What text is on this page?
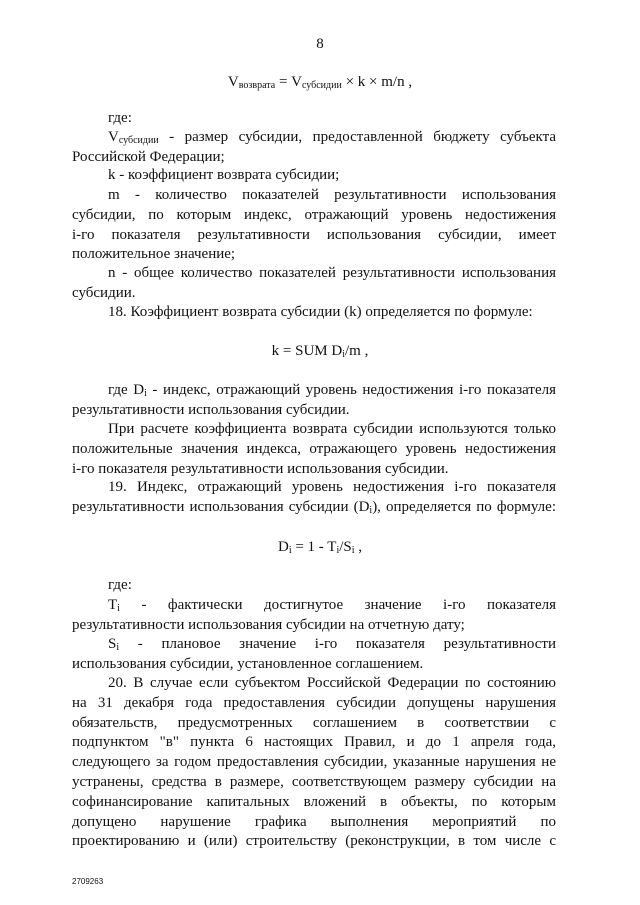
8
$V_{возврата} = V_{субсидии} \times k \times m/n$ ,

где:

$V_{субсидии}$ - размер субсидии, предоставленной бюджету субъекта
Российской Федерации;

k - коэффициент возврата субсидии;

m - количество показателей результативности использования
субсидии, по которым индекс, отражающий уровень недостижения
i-го показателя результативности использования субсидии, имеет
положительное значение;
n - общее количество показателей результативности использования
субсидии.

18. Коэффициент возврата субсидии (k) определяется по формуле:

k = SUM $D_i/m$ ,
где $D_i$ - индекс, отражающий уровень недостижения i-го показателя
результативности использования субсидии.
При расчете коэффициента возврата субсидии используются только
положительные значения индекса, отражающего уровень недостижения
i-го показателя результативности использования субсидии.
19. Индекс, отражающий уровень недостижения i-го показателя
результативности использования субсидии $(D_i)$, определяется по формуле:
$D_i = 1 - T_i/S_i$ ,

где:

$T_i$ - фактически достигнутое значение i-го показателя
результативности использования субсидии на отчетную дату;
$S_i$ - плановое значение i-го показателя результативности
использования субсидии, установленное соглашением.
20. В случае если субъектом Российской Федерации по состоянию
на 31 декабря года предоставления субсидии допущены нарушения
обязательств, предусмотренных соглашением в соответствии с
подпунктом "в" пункта 6 настоящих Правил, и до 1 апреля года,
следующего за годом предоставления субсидии, указанные нарушения не
устранены, средства в размере, соответствующем размеру субсидии на
софинансирование капитальных вложений в объекты, по которым
допущено нарушение графика выполнения мероприятий по
проектированию и (или) строительству (реконструкции, в том числе с
2709263
